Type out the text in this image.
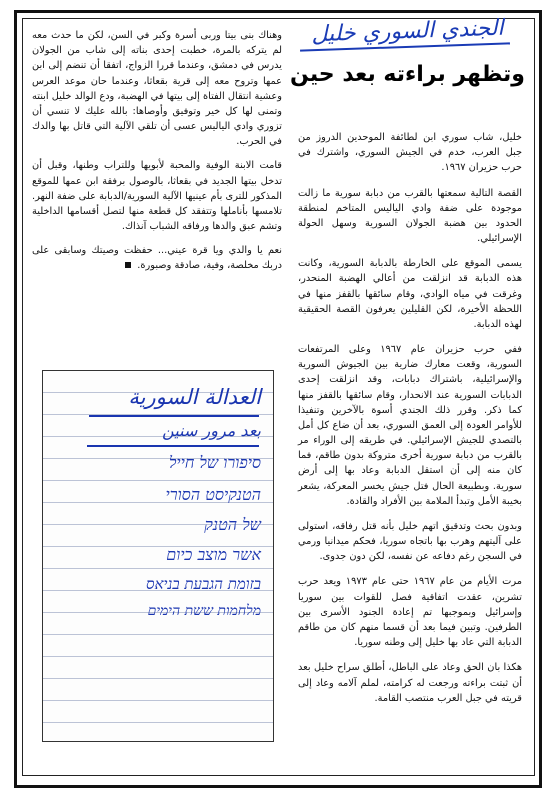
الجندي السوري خليل
وتظهر براءته بعد حين

خليل، شاب سوري ابن لطائفة الموحدين الدروز من جبل العرب، خدم في الجيش السوري، واشترك في حرب حزيران ١٩٦٧.

القصة التالية سمعتها بالقرب من دبابة سورية ما زالت موجودة على ضفة وادي الياليس المتاخم لمنطقة الحدود بين هضبة الجولان السورية وسهل الحولة الإسرائيلي.

يسمى الموقع على الخارطة بالدبابة السورية، وكانت هذه الدبابة قد انزلقت من أعالي الهضبة المنحدر، وغرقت في مياه الوادي، وقام سائقها بالقفز منها في اللحظة الأخيرة، لكن القليلين يعرفون القصة الحقيقية لهذه الدبابة.

ففي حرب حزيران عام ١٩٦٧ وعلى المرتفعات السورية، وقعت معارك ضارية بين الجيوش السورية والإسرائيلية، باشتراك دبابات، وقد انزلقت إحدى الدبابات السورية عند الانحدار، وقام سائقها بالقفز منها كما ذكر. وقرر ذلك الجندي أسوة بالآخرين وتنفيذا للأوامر العودة إلى العمق السوري، بعد أن ضاع كل أمل بالتصدي للجيش الإسرائيلي. في طريقه إلى الوراء مر بالقرب من دبابة سورية أخرى متروكة بدون طاقم، فما كان منه إلى أن استقل الدبابة وعاد بها إلى أرض سورية. وبطبيعة الحال فتل جيش يخسر المعركة، يشعر بخيبة الأمل وتبدأ الملامة بين الأفراد والقادة.

وبدون بحث وتدقيق اتهم خليل بأنه قتل رفاقه، استولى على آليتهم وهرب بها باتجاه سوريا، فحكم ميدانيا ورمي في السجن رغم دفاعه عن نفسه، لكن دون جدوى.

مرت الأيام من عام ١٩٦٧ حتى عام ١٩٧٣ ويعد حرب تشرين، عقدت اتفاقية فصل للقوات بين سوريا وإسرائيل وبموجبها تم إعادة الجنود الأسرى بين الطرفين. وتبين فيما بعد أن قسما منهم كان من طاقم الدبابة التي عاد بها خليل إلى وطنه سوريا.

هكذا بان الحق وعاد على الباطل، أطلق سراح خليل بعد أن ثبتت براءته ورجعت له كرامته، لملم آلامه وعاد إلى قريته في جبل العرب منتصب القامة.

وهناك بنى بيتا وربى أسرة وكبر في السن، لكن ما حدث معه لم يتركه بالمرة، خطبت إحدى بناته إلى شاب من الجولان يدرس في دمشق، وعندما قررا الزواج، اتفقا أن تنضم إلى ابن عمها وتروح معه إلى قرية بقعاثا، وعندما حان موعد العرس وعشية انتقال الفتاة إلى بيتها في الهضبة، ودع الوالد خليل ابنته وتمنى لها كل خير وتوفيق وأوصاها: بالله عليك لا تنسي أن تزوري وادي الياليس عسى أن تلقي الآلية التي قاتل بها والدك في الحرب.

قامت الابنة الوفية والمحبة لأبويها وللتراب وطنها، وقبل أن تدخل بيتها الجديد في بقعاثا، بالوصول برفقة ابن عمها للموقع المذكور للترى بأم عينيها الآلية السورية/الدبابة على ضفة النهر. تلامسها بأناملها وتتفقد كل قطعة منها لتصل أقسامها الداخلية وتشم عبق والدها ورفاقه الشباب آنذاك.

نعم يا والدي ويا قرة عيني... حفظت وصيتك وسابقى على دربك مخلصة، وفية، صادقة وصبورة.

العدالة السورية
بعد مرور سنين
סיפורו של חייל
הטנקיסט הסורי
של הטנק
אשר מוצב כיום
בזומת הגבעת בניאס
מלחמות ששת הימים
